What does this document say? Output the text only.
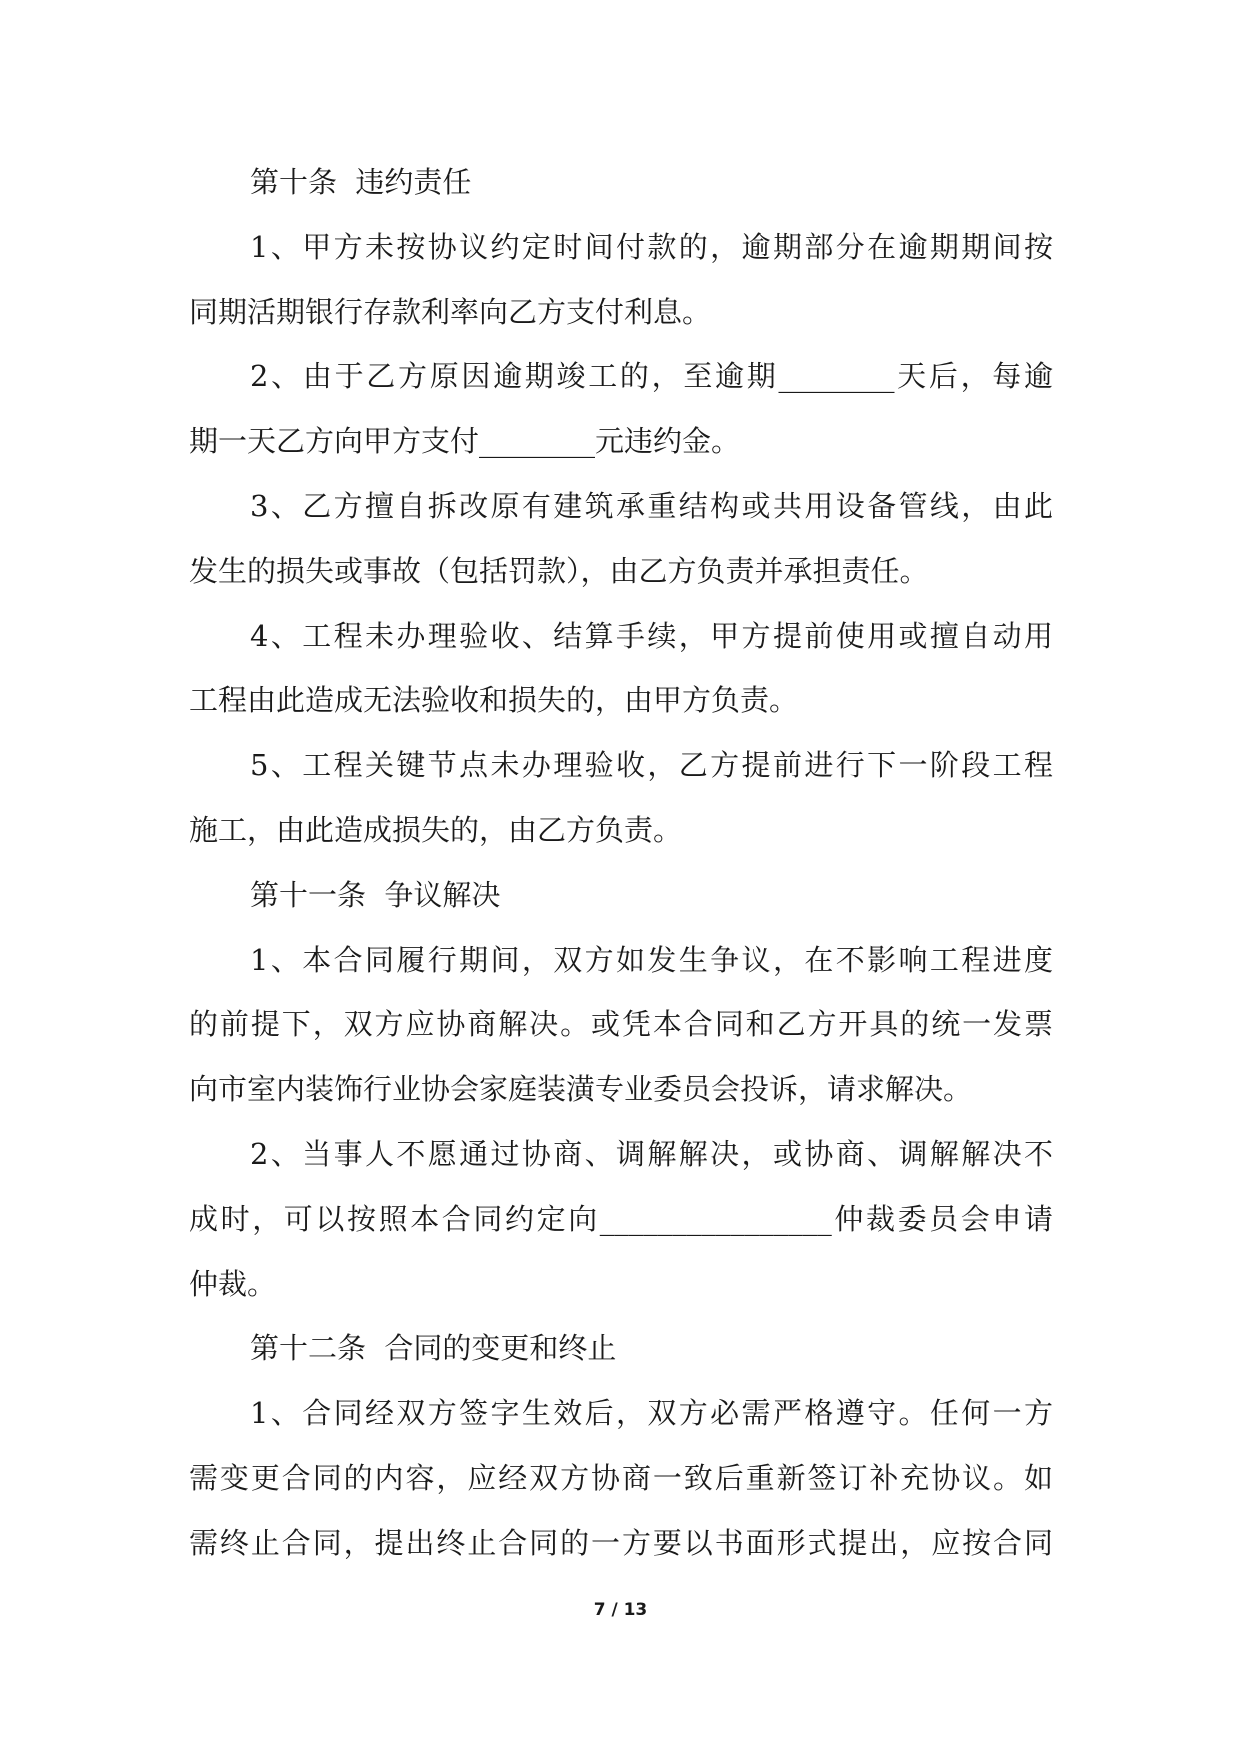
第十条  违约责任
1、甲方未按协议约定时间付款的，逾期部分在逾期期间按
同期活期银行存款利率向乙方支付利息。
2、由于乙方原因逾期竣工的，至逾期________天后，每逾
期一天乙方向甲方支付________元违约金。
3、乙方擅自拆改原有建筑承重结构或共用设备管线，由此
发生的损失或事故（包括罚款），由乙方负责并承担责任。
4、工程未办理验收、结算手续，甲方提前使用或擅自动用
工程由此造成无法验收和损失的，由甲方负责。
5、工程关键节点未办理验收，乙方提前进行下一阶段工程
施工，由此造成损失的，由乙方负责。
第十一条  争议解决
1、本合同履行期间，双方如发生争议，在不影响工程进度
的前提下，双方应协商解决。或凭本合同和乙方开具的统一发票
向市室内装饰行业协会家庭装潢专业委员会投诉，请求解决。
2、当事人不愿通过协商、调解解决，或协商、调解解决不
成时，可以按照本合同约定向________________仲裁委员会申请
仲裁。
第十二条  合同的变更和终止
1、合同经双方签字生效后，双方必需严格遵守。任何一方
需变更合同的内容，应经双方协商一致后重新签订补充协议。如
需终止合同，提出终止合同的一方要以书面形式提出，应按合同
7 / 13
